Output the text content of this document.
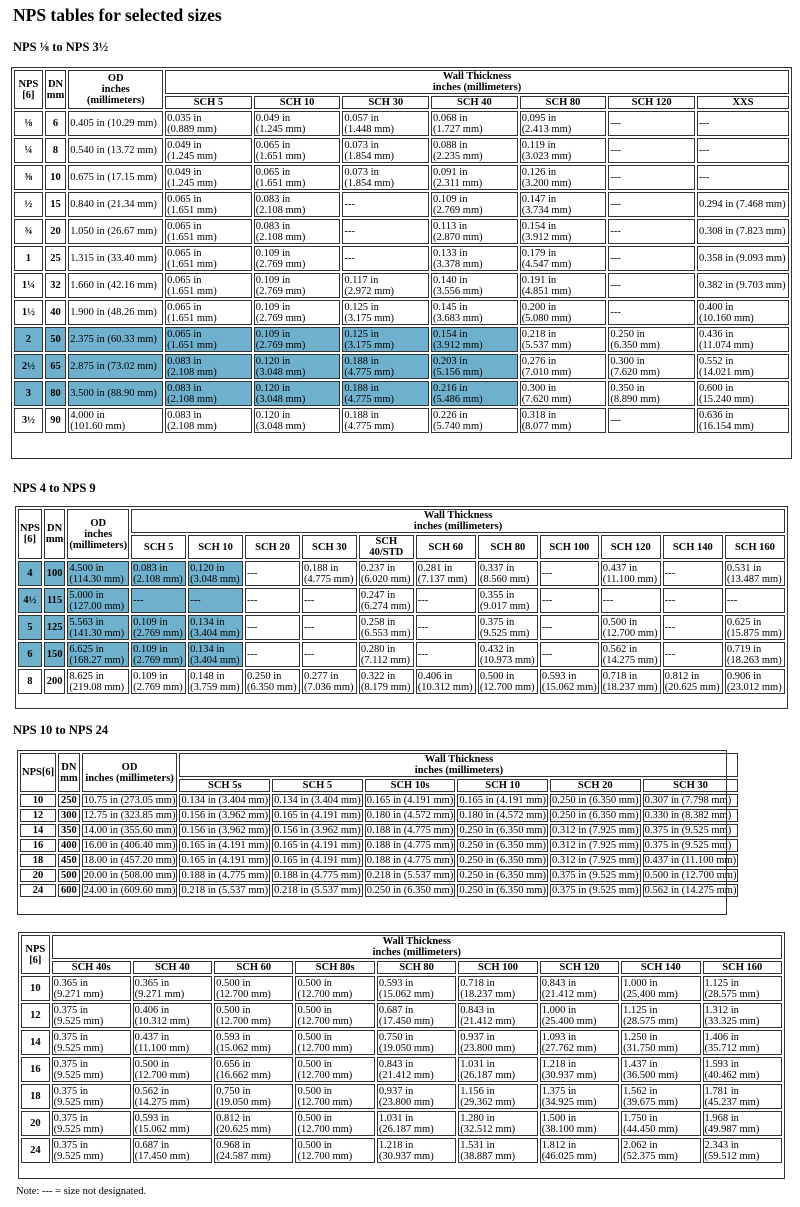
NPS tables for selected sizes
NPS ⅛ to NPS 3½
NPS 4 to NPS 9
NPS 10 to NPS 24
NPS
[6]	DN
mm	OD
inches
(millimeters)	Wall Thickness
inches (millimeters)						
			SCH 5	SCH 10	SCH 30	SCH 40	SCH 80	SCH 120	XXS
⅛	6	0.405 in (10.29 mm)	0.035 in
(0.889 mm)	0.049 in
(1.245 mm)	0.057 in
(1.448 mm)	0.068 in
(1.727 mm)	0.095 in
(2.413 mm)	---	---
¼	8	0.540 in (13.72 mm)	0.049 in
(1.245 mm)	0.065 in
(1.651 mm)	0.073 in
(1.854 mm)	0.088 in
(2.235 mm)	0.119 in
(3.023 mm)	---	---
⅜	10	0.675 in (17.15 mm)	0.049 in
(1.245 mm)	0.065 in
(1.651 mm)	0.073 in
(1.854 mm)	0.091 in
(2.311 mm)	0.126 in
(3.200 mm)	---	---
½	15	0.840 in (21.34 mm)	0.065 in
(1.651 mm)	0.083 in
(2.108 mm)	---	0.109 in
(2.769 mm)	0.147 in
(3.734 mm)	---	0.294 in (7.468 mm)
¾	20	1.050 in (26.67 mm)	0.065 in
(1.651 mm)	0.083 in
(2.108 mm)	---	0.113 in
(2.870 mm)	0.154 in
(3.912 mm)	---	0.308 in (7.823 mm)
1	25	1.315 in (33.40 mm)	0.065 in
(1.651 mm)	0.109 in
(2.769 mm)	---	0.133 in
(3.378 mm)	0.179 in
(4.547 mm)	---	0.358 in (9.093 mm)
1¼	32	1.660 in (42.16 mm)	0.065 in
(1.651 mm)	0.109 in
(2.769 mm)	0.117 in
(2.972 mm)	0.140 in
(3.556 mm)	0.191 in
(4.851 mm)	---	0.382 in (9.703 mm)
1½	40	1.900 in (48.26 mm)	0.065 in
(1.651 mm)	0.109 in
(2.769 mm)	0.125 in
(3.175 mm)	0.145 in
(3.683 mm)	0.200 in
(5.080 mm)	---	0.400 in
(10.160 mm)
2	50	2.375 in (60.33 mm)	0.065 in
(1.651 mm)	0.109 in
(2.769 mm)	0.125 in
(3.175 mm)	0.154 in
(3.912 mm)	0.218 in
(5.537 mm)	0.250 in
(6.350 mm)	0.436 in
(11.074 mm)
2½	65	2.875 in (73.02 mm)	0.083 in
(2.108 mm)	0.120 in
(3.048 mm)	0.188 in
(4.775 mm)	0.203 in
(5.156 mm)	0.276 in
(7.010 mm)	0.300 in
(7.620 mm)	0.552 in
(14.021 mm)
3	80	3.500 in (88.90 mm)	0.083 in
(2.108 mm)	0.120 in
(3.048 mm)	0.188 in
(4.775 mm)	0.216 in
(5.486 mm)	0.300 in
(7.620 mm)	0.350 in
(8.890 mm)	0.600 in
(15.240 mm)
3½	90	4.000 in
(101.60 mm)	0.083 in
(2.108 mm)	0.120 in
(3.048 mm)	0.188 in
(4.775 mm)	0.226 in
(5.740 mm)	0.318 in
(8.077 mm)	---	0.636 in
(16.154 mm)
NPS
[6]	DN
mm	OD
inches
(millimeters)	Wall Thickness
inches (millimeters)										
			SCH 5	SCH 10	SCH 20	SCH 30	SCH
40/STD	SCH 60	SCH 80	SCH 100	SCH 120	SCH 140	SCH 160
4	100	4.500 in
(114.30 mm)	0.083 in
(2.108 mm)	0.120 in
(3.048 mm)	---	0.188 in
(4.775 mm)	0.237 in
(6.020 mm)	0.281 in
(7.137 mm)	0.337 in
(8.560 mm)	---	0.437 in
(11.100 mm)	---	0.531 in
(13.487 mm)
4½	115	5.000 in
(127.00 mm)	---	---	---	---	0.247 in
(6.274 mm)	---	0.355 in
(9.017 mm)	---	---	---	---
5	125	5.563 in
(141.30 mm)	0.109 in
(2.769 mm)	0.134 in
(3.404 mm)	---	---	0.258 in
(6.553 mm)	---	0.375 in
(9.525 mm)	---	0.500 in
(12.700 mm)	---	0.625 in
(15.875 mm)
6	150	6.625 in
(168.27 mm)	0.109 in
(2.769 mm)	0.134 in
(3.404 mm)	---	---	0.280 in
(7.112 mm)	---	0.432 in
(10.973 mm)	---	0.562 in
(14.275 mm)	---	0.719 in
(18.263 mm)
8	200	8.625 in
(219.08 mm)	0.109 in
(2.769 mm)	0.148 in
(3.759 mm)	0.250 in
(6.350 mm)	0.277 in
(7.036 mm)	0.322 in
(8.179 mm)	0.406 in
(10.312 mm)	0.500 in
(12.700 mm)	0.593 in
(15.062 mm)	0.718 in
(18.237 mm)	0.812 in
(20.625 mm)	0.906 in
(23.012 mm)
NPS[6]	DN
mm	OD
inches (millimeters)	Wall Thickness
inches (millimeters)					
			SCH 5s	SCH 5	SCH 10s	SCH 10	SCH 20	SCH 30
10	250	10.75 in (273.05 mm)	0.134 in (3.404 mm)	0.134 in (3.404 mm)	0.165 in (4.191 mm)	0.165 in (4.191 mm)	0.250 in (6.350 mm)	0.307 in (7.798 mm)
12	300	12.75 in (323.85 mm)	0.156 in (3.962 mm)	0.165 in (4.191 mm)	0.180 in (4.572 mm)	0.180 in (4.572 mm)	0.250 in (6.350 mm)	0.330 in (8.382 mm)
14	350	14.00 in (355.60 mm)	0.156 in (3.962 mm)	0.156 in (3.962 mm)	0.188 in (4.775 mm)	0.250 in (6.350 mm)	0.312 in (7.925 mm)	0.375 in (9.525 mm)
16	400	16.00 in (406.40 mm)	0.165 in (4.191 mm)	0.165 in (4.191 mm)	0.188 in (4.775 mm)	0.250 in (6.350 mm)	0.312 in (7.925 mm)	0.375 in (9.525 mm)
18	450	18.00 in (457.20 mm)	0.165 in (4.191 mm)	0.165 in (4.191 mm)	0.188 in (4.775 mm)	0.250 in (6.350 mm)	0.312 in (7.925 mm)	0.437 in (11.100 mm)
20	500	20.00 in (508.00 mm)	0.188 in (4.775 mm)	0.188 in (4.775 mm)	0.218 in (5.537 mm)	0.250 in (6.350 mm)	0.375 in (9.525 mm)	0.500 in (12.700 mm)
24	600	24.00 in (609.60 mm)	0.218 in (5.537 mm)	0.218 in (5.537 mm)	0.250 in (6.350 mm)	0.250 in (6.350 mm)	0.375 in (9.525 mm)	0.562 in (14.275 mm)
NPS
[6]	Wall Thickness
inches (millimeters)								
	SCH 40s	SCH 40	SCH 60	SCH 80s	SCH 80	SCH 100	SCH 120	SCH 140	SCH 160
10	0.365 in
(9.271 mm)	0.365 in
(9.271 mm)	0.500 in
(12.700 mm)	0.500 in
(12.700 mm)	0.593 in
(15.062 mm)	0.718 in
(18.237 mm)	0.843 in
(21.412 mm)	1.000 in
(25.400 mm)	1.125 in
(28.575 mm)
12	0.375 in
(9.525 mm)	0.406 in
(10.312 mm)	0.500 in
(12.700 mm)	0.500 in
(12.700 mm)	0.687 in
(17.450 mm)	0.843 in
(21.412 mm)	1.000 in
(25.400 mm)	1.125 in
(28.575 mm)	1.312 in
(33.325 mm)
14	0.375 in
(9.525 mm)	0.437 in
(11.100 mm)	0.593 in
(15.062 mm)	0.500 in
(12.700 mm)	0.750 in
(19.050 mm)	0.937 in
(23.800 mm)	1.093 in
(27.762 mm)	1.250 in
(31.750 mm)	1.406 in
(35.712 mm)
16	0.375 in
(9.525 mm)	0.500 in
(12.700 mm)	0.656 in
(16.662 mm)	0.500 in
(12.700 mm)	0.843 in
(21.412 mm)	1.031 in
(26.187 mm)	1.218 in
(30.937 mm)	1.437 in
(36.500 mm)	1.593 in
(40.462 mm)
18	0.375 in
(9.525 mm)	0.562 in
(14.275 mm)	0.750 in
(19.050 mm)	0.500 in
(12.700 mm)	0.937 in
(23.800 mm)	1.156 in
(29.362 mm)	1.375 in
(34.925 mm)	1.562 in
(39.675 mm)	1.781 in
(45.237 mm)
20	0.375 in
(9.525 mm)	0.593 in
(15.062 mm)	0.812 in
(20.625 mm)	0.500 in
(12.700 mm)	1.031 in
(26.187 mm)	1.280 in
(32.512 mm)	1.500 in
(38.100 mm)	1.750 in
(44.450 mm)	1.968 in
(49.987 mm)
24	0.375 in
(9.525 mm)	0.687 in
(17.450 mm)	0.968 in
(24.587 mm)	0.500 in
(12.700 mm)	1.218 in
(30.937 mm)	1.531 in
(38.887 mm)	1.812 in
(46.025 mm)	2.062 in
(52.375 mm)	2.343 in
(59.512 mm)
Note: --- = size not designated.
